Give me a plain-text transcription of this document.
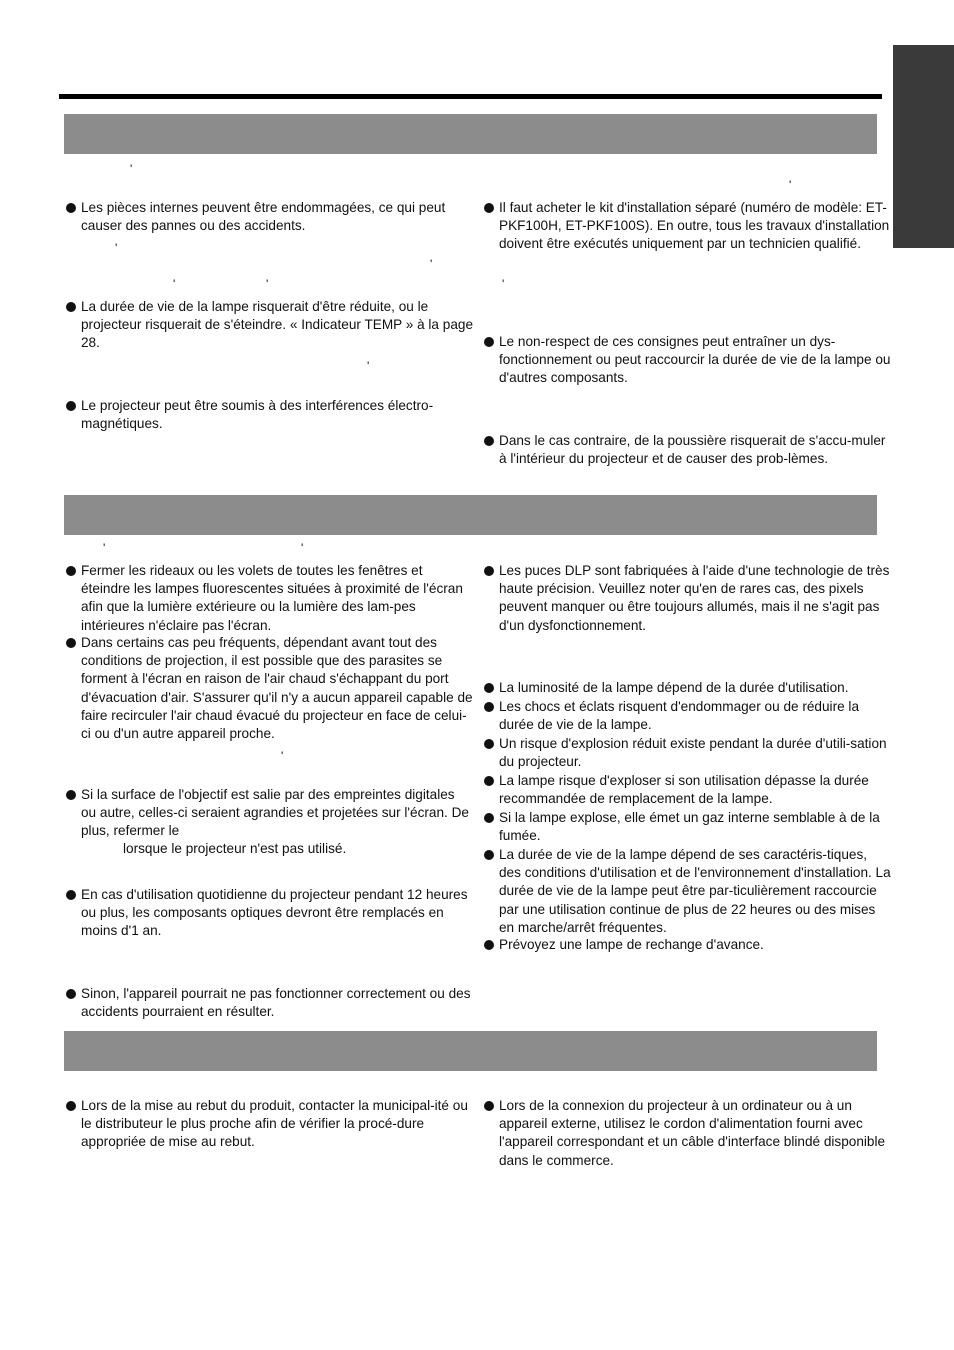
'
'
'
'
'	'	'
'

Les pièces internes peuvent être endommagées, ce qui peut causer des pannes ou des accidents.

La durée de vie de la lampe risquerait d'être réduite, ou le projecteur risquerait de s'éteindre. « Indicateur TEMP » à la page 28.

Le projecteur peut être soumis à des interférences électro-magnétiques.

Il faut acheter le kit d'installation séparé (numéro de modèle: ET-PKF100H, ET-PKF100S). En outre, tous les travaux d'installation doivent être exécutés uniquement par un technicien qualifié.

Le non-respect de ces consignes peut entraîner un dys-fonctionnement ou peut raccourcir la durée de vie de la lampe ou d'autres composants.

Dans le cas contraire, de la poussière risquerait de s'accu-muler à l'intérieur du projecteur et de causer des prob-lèmes.

'	'
'

Fermer les rideaux ou les volets de toutes les fenêtres et éteindre les lampes fluorescentes situées à proximité de l'écran afin que la lumière extérieure ou la lumière des lam-pes intérieures n'éclaire pas l'écran.

Dans certains cas peu fréquents, dépendant avant tout des conditions de projection, il est possible que des parasites se forment à l'écran en raison de l'air chaud s'échappant du port d'évacuation d'air. S'assurer qu'il n'y a aucun appareil capable de faire recirculer l'air chaud évacué du projecteur en face de celui-ci ou d'un autre appareil proche.

Si la surface de l'objectif est salie par des empreintes digitales ou autre, celles-ci seraient agrandies et projetées sur l'écran. De plus, refermer le

lorsque le projecteur n'est pas utilisé.

En cas d'utilisation quotidienne du projecteur pendant 12 heures ou plus, les composants optiques devront être remplacés en moins d'1 an.

Sinon, l'appareil pourrait ne pas fonctionner correctement ou des accidents pourraient en résulter.

Les puces DLP sont fabriquées à l'aide d'une technologie de très haute précision. Veuillez noter qu'en de rares cas, des pixels peuvent manquer ou être toujours allumés, mais il ne s'agit pas d'un dysfonctionnement.

La luminosité de la lampe dépend de la durée d'utilisation.

Les chocs et éclats risquent d'endommager ou de réduire la durée de vie de la lampe.

Un risque d'explosion réduit existe pendant la durée d'utili-sation du projecteur.

La lampe risque d'exploser si son utilisation dépasse la durée recommandée de remplacement de la lampe.

Si la lampe explose, elle émet un gaz interne semblable à de la fumée.

La durée de vie de la lampe dépend de ses caractéris-tiques, des conditions d'utilisation et de l'environnement d'installation. La durée de vie de la lampe peut être par-ticulièrement raccourcie par une utilisation continue de plus de 22 heures ou des mises en marche/arrêt fréquentes.

Prévoyez une lampe de rechange d'avance.

Lors de la mise au rebut du produit, contacter la municipal-ité ou le distributeur le plus proche afin de vérifier la procé-dure appropriée de mise au rebut.

Lors de la connexion du projecteur à un ordinateur ou à un appareil externe, utilisez le cordon d'alimentation fourni avec l'appareil correspondant et un câble d'interface blindé disponible dans le commerce.
